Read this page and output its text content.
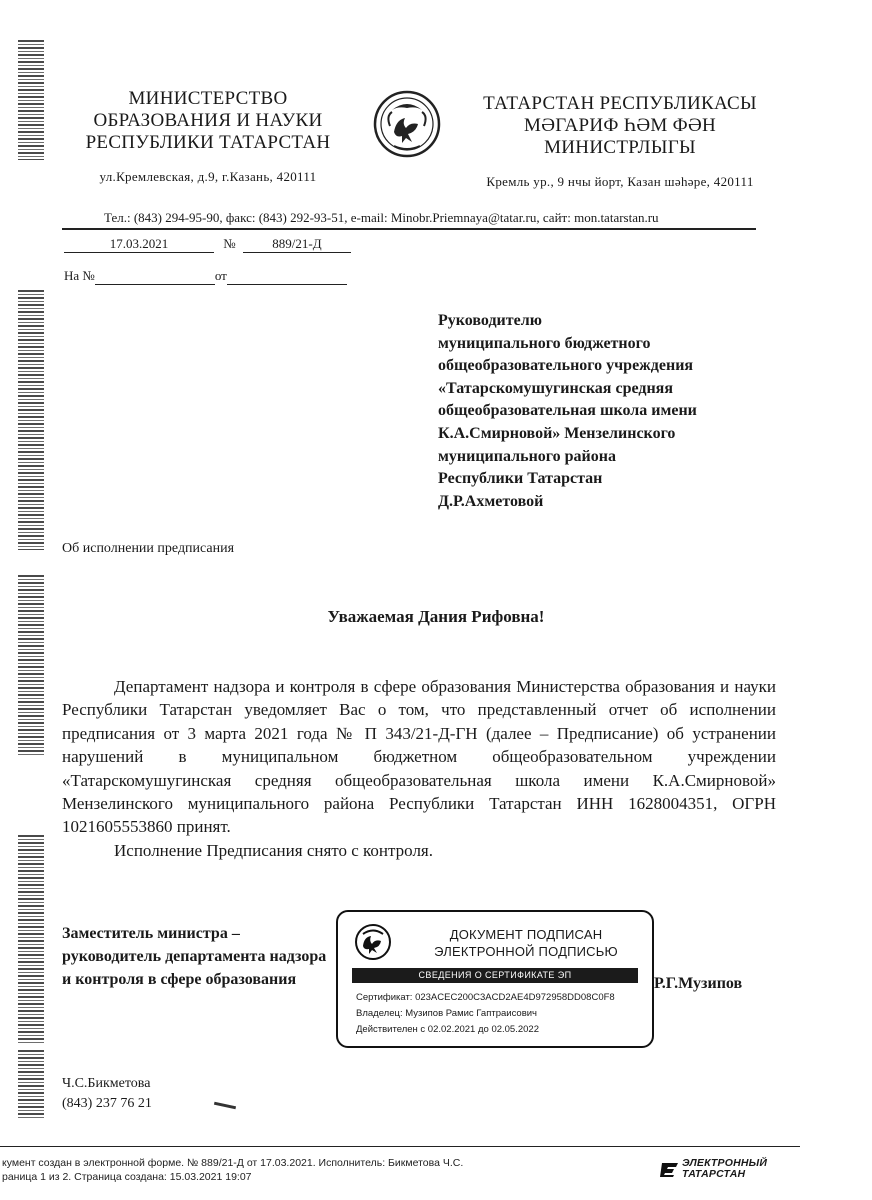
МИНИСТЕРСТВО
ОБРАЗОВАНИЯ И НАУКИ
РЕСПУБЛИКИ ТАТАРСТАН
ул.Кремлевская, д.9, г.Казань, 420111
ТАТАРСТАН РЕСПУБЛИКАСЫ
МӘГАРИФ ҺӘМ ФӘН
МИНИСТРЛЫГЫ
Кремль ур., 9 нчы йорт, Казан шәһәре, 420111
Тел.: (843) 294-95-90, факс: (843) 292-93-51, e-mail: Minobr.Priemnaya@tatar.ru, сайт: mon.tatarstan.ru
17.03.2021	№	889/21-Д
На №	от
Руководителю
муниципального бюджетного
общеобразовательного учреждения
«Татарскомушугинская средняя
общеобразовательная школа имени
К.А.Смирновой» Мензелинского
муниципального района
Республики Татарстан
Д.Р.Ахметовой
Об исполнении предписания
Уважаемая Дания Рифовна!

Департамент надзора и контроля в сфере образования Министерства образования и науки Республики Татарстан уведомляет Вас о том, что представленный отчет об исполнении предписания от 3 марта 2021 года № П 343/21-Д-ГН (далее – Предписание) об устранении нарушений в муниципальном бюджетном общеобразовательном учреждении «Татарскомушугинская средняя общеобразовательная школа имени К.А.Смирновой» Мензелинского муниципального района Республики Татарстан ИНН 1628004351, ОГРН 1021605553860 принят.

Исполнение Предписания снято с контроля.

Заместитель министра –
руководитель департамента надзора
и контроля в сфере образования
ДОКУМЕНТ ПОДПИСАН
ЭЛЕКТРОННОЙ ПОДПИСЬЮ
СВЕДЕНИЯ О СЕРТИФИКАТЕ ЭП
Сертификат: 023ACEC200C3ACD2AE4D972958DD08C0F8
Владелец: Музипов Рамис Гаптраисович
Действителен с 02.02.2021 до 02.05.2022
Р.Г.Музипов
Ч.С.Бикметова
(843) 237 76 21
кумент создан в электронной форме. № 889/21-Д от 17.03.2021. Исполнитель: Бикметова Ч.С.
раница 1 из 2. Страница создана: 15.03.2021 19:07
ЭЛЕКТРОННЫЙ
ТАТАРСТАН
